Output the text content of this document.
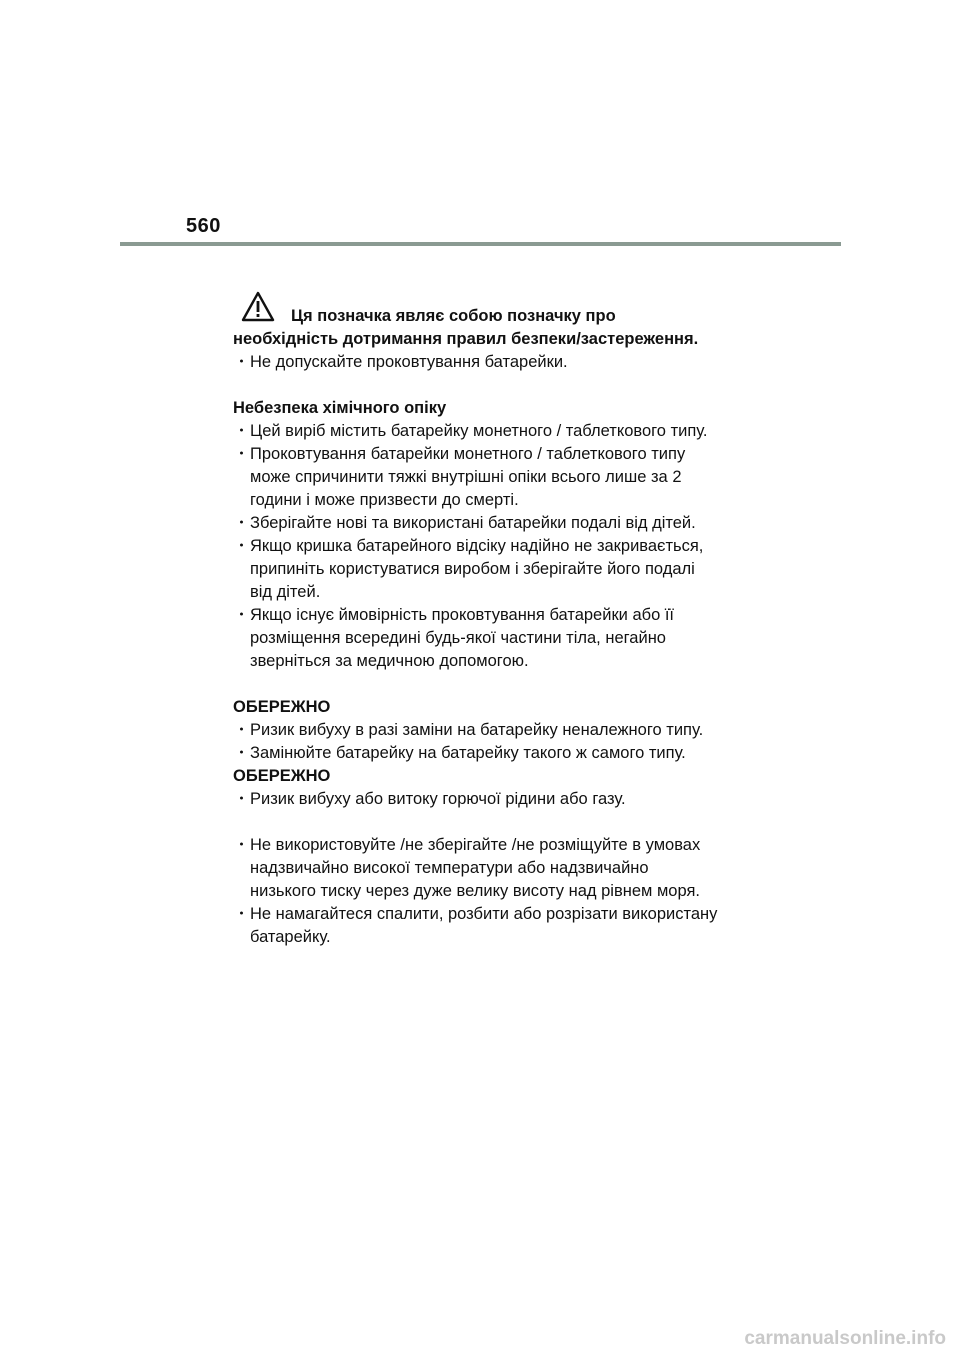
560
Ця позначка являє собою позначку про
необхідність дотримання правил безпеки/застереження.
・Не допускайте проковтування батарейки.
Небезпека хімічного опіку
・Цей виріб містить батарейку монетного / таблеткового типу.
・Проковтування батарейки монетного / таблеткового типу
може спричинити тяжкі внутрішні опіки всього лише за 2
години і може призвести до смерті.
・Зберігайте нові та використані батарейки подалі від дітей.
・Якщо кришка батарейного відсіку надійно не закривається,
припиніть користуватися виробом і зберігайте його подалі
від дітей.
・Якщо існує ймовірність проковтування батарейки або її
розміщення всередині будь-якої частини тіла, негайно
зверніться за медичною допомогою.
ОБЕРЕЖНО
・Ризик вибуху в разі заміни на батарейку неналежного типу.
・Замінюйте батарейку на батарейку такого ж самого типу.
ОБЕРЕЖНО
・Ризик вибуху або витоку горючої рідини або газу.
・Не використовуйте /не зберігайте /не розміщуйте в умовах
надзвичайно високої температури або надзвичайно
низького тиску через дуже велику висоту над рівнем моря.
・Не намагайтеся спалити, розбити або розрізати використану
батарейку.
carmanualsonline.info
